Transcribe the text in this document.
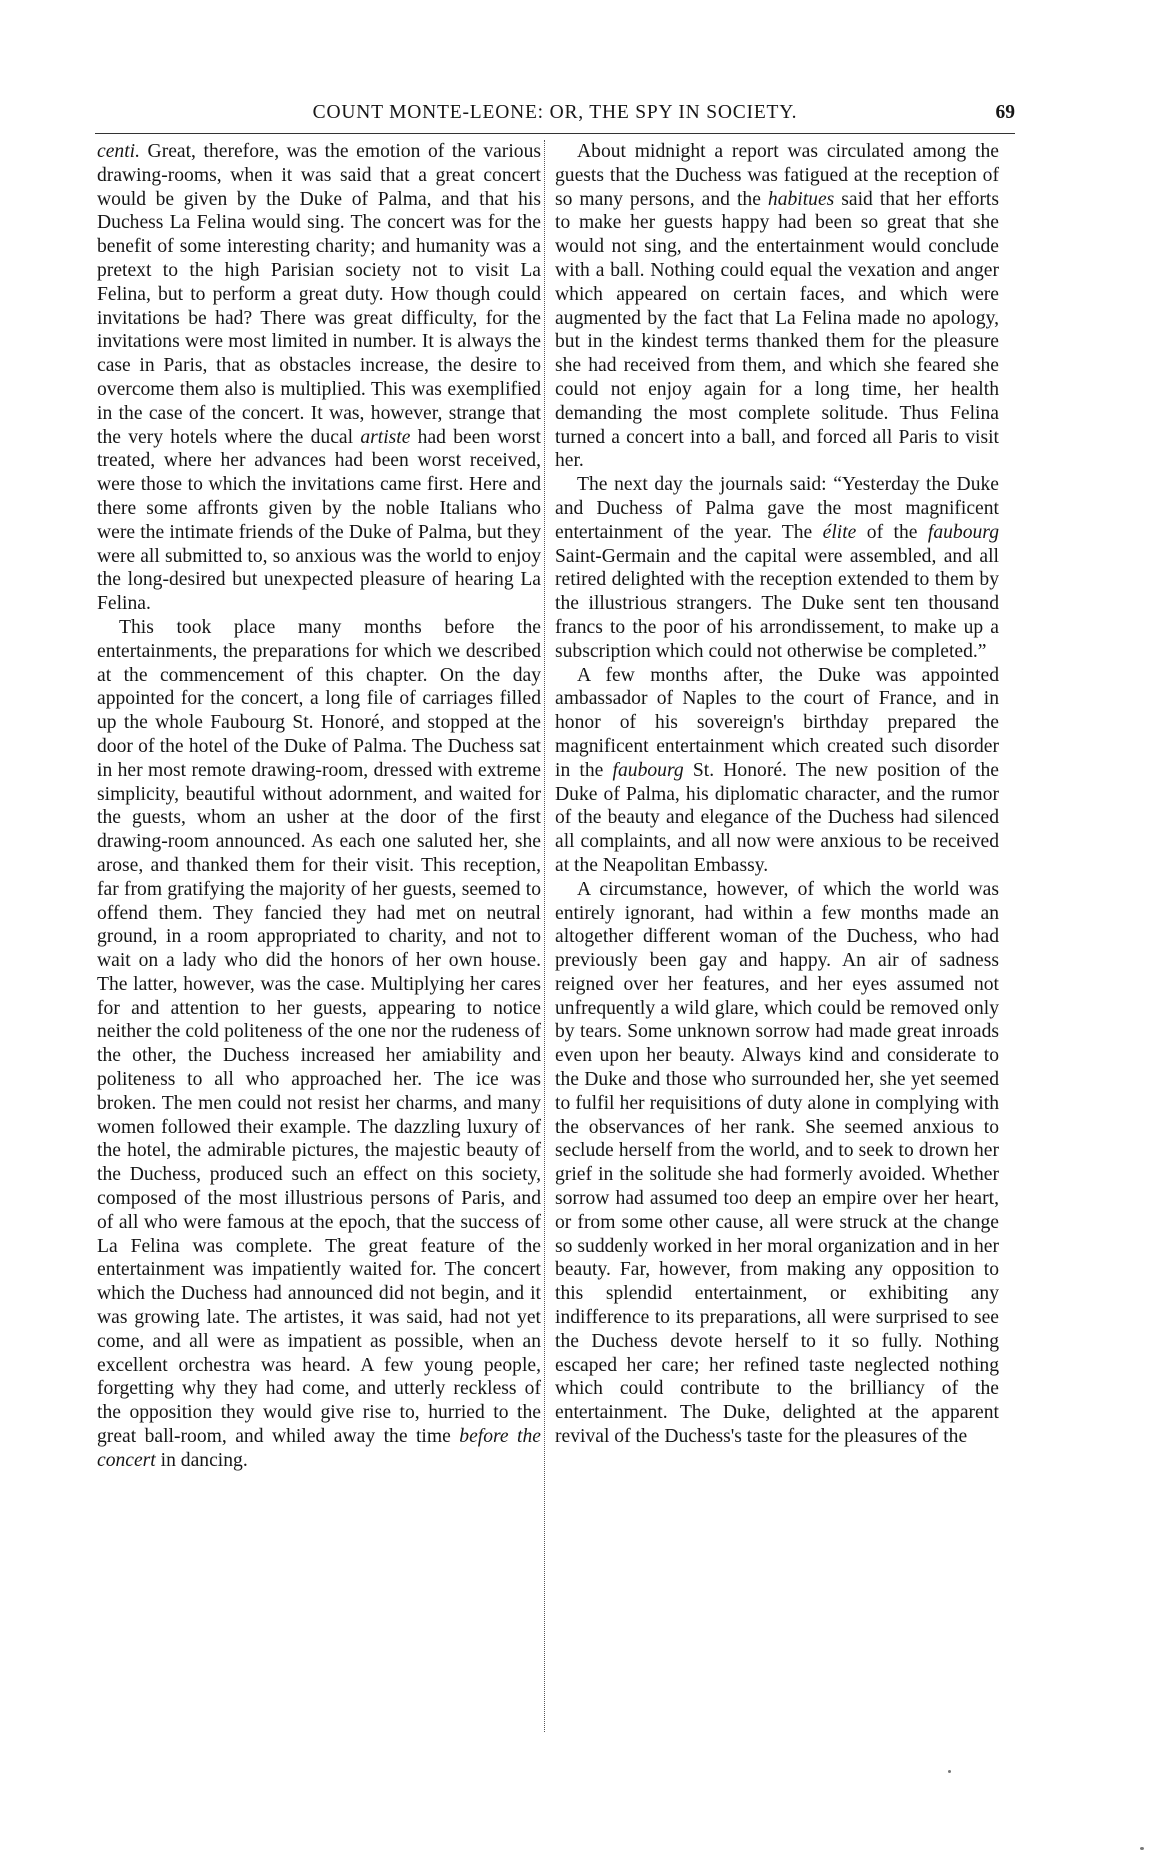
COUNT MONTE-LEONE: OR, THE SPY IN SOCIETY.	69

centi. Great, therefore, was the emotion of the various drawing-rooms, when it was said that a great concert would be given by the Duke of Palma, and that his Duchess La Felina would sing. The concert was for the benefit of some interesting charity; and humanity was a pretext to the high Parisian society not to visit La Felina, but to perform a great duty. How though could invitations be had? There was great difficulty, for the invitations were most limited in number. It is always the case in Paris, that as obstacles increase, the desire to overcome them also is multiplied. This was exemplified in the case of the concert. It was, however, strange that the very hotels where the ducal artiste had been worst treated, where her advances had been worst received, were those to which the invitations came first. Here and there some affronts given by the noble Italians who were the intimate friends of the Duke of Palma, but they were all submitted to, so anxious was the world to enjoy the long-desired but unexpected pleasure of hearing La Felina.

This took place many months before the entertainments, the preparations for which we described at the commencement of this chapter. On the day appointed for the concert, a long file of carriages filled up the whole Faubourg St. Honoré, and stopped at the door of the hotel of the Duke of Palma. The Duchess sat in her most remote drawing-room, dressed with extreme simplicity, beautiful without adornment, and waited for the guests, whom an usher at the door of the first drawing-room announced. As each one saluted her, she arose, and thanked them for their visit. This reception, far from gratifying the majority of her guests, seemed to offend them. They fancied they had met on neutral ground, in a room appropriated to charity, and not to wait on a lady who did the honors of her own house. The latter, however, was the case. Multiplying her cares for and attention to her guests, appearing to notice neither the cold politeness of the one nor the rudeness of the other, the Duchess increased her amiability and politeness to all who approached her. The ice was broken. The men could not resist her charms, and many women followed their example. The dazzling luxury of the hotel, the admirable pictures, the majestic beauty of the Duchess, produced such an effect on this society, composed of the most illustrious persons of Paris, and of all who were famous at the epoch, that the success of La Felina was complete. The great feature of the entertainment was impatiently waited for. The concert which the Duchess had announced did not begin, and it was growing late. The artistes, it was said, had not yet come, and all were as impatient as possible, when an excellent orchestra was heard. A few young people, forgetting why they had come, and utterly reckless of the opposition they would give rise to, hurried to the great ball-room, and whiled away the time before the concert in dancing.

About midnight a report was circulated among the guests that the Duchess was fatigued at the reception of so many persons, and the habitues said that her efforts to make her guests happy had been so great that she would not sing, and the entertainment would conclude with a ball. Nothing could equal the vexation and anger which appeared on certain faces, and which were augmented by the fact that La Felina made no apology, but in the kindest terms thanked them for the pleasure she had received from them, and which she feared she could not enjoy again for a long time, her health demanding the most complete solitude. Thus Felina turned a concert into a ball, and forced all Paris to visit her.

The next day the journals said: “Yesterday the Duke and Duchess of Palma gave the most magnificent entertainment of the year. The élite of the faubourg Saint-Germain and the capital were assembled, and all retired delighted with the reception extended to them by the illustrious strangers. The Duke sent ten thousand francs to the poor of his arrondissement, to make up a subscription which could not otherwise be completed.”

A few months after, the Duke was appointed ambassador of Naples to the court of France, and in honor of his sovereign's birthday prepared the magnificent entertainment which created such disorder in the faubourg St. Honoré. The new position of the Duke of Palma, his diplomatic character, and the rumor of the beauty and elegance of the Duchess had silenced all complaints, and all now were anxious to be received at the Neapolitan Embassy.

A circumstance, however, of which the world was entirely ignorant, had within a few months made an altogether different woman of the Duchess, who had previously been gay and happy. An air of sadness reigned over her features, and her eyes assumed not unfrequently a wild glare, which could be removed only by tears. Some unknown sorrow had made great inroads even upon her beauty. Always kind and considerate to the Duke and those who surrounded her, she yet seemed to fulfil her requisitions of duty alone in complying with the observances of her rank. She seemed anxious to seclude herself from the world, and to seek to drown her grief in the solitude she had formerly avoided. Whether sorrow had assumed too deep an empire over her heart, or from some other cause, all were struck at the change so suddenly worked in her moral organization and in her beauty. Far, however, from making any opposition to this splendid entertainment, or exhibiting any indifference to its preparations, all were surprised to see the Duchess devote herself to it so fully. Nothing escaped her care; her refined taste neglected nothing which could contribute to the brilliancy of the entertainment. The Duke, delighted at the apparent revival of the Duchess's taste for the pleasures of the
